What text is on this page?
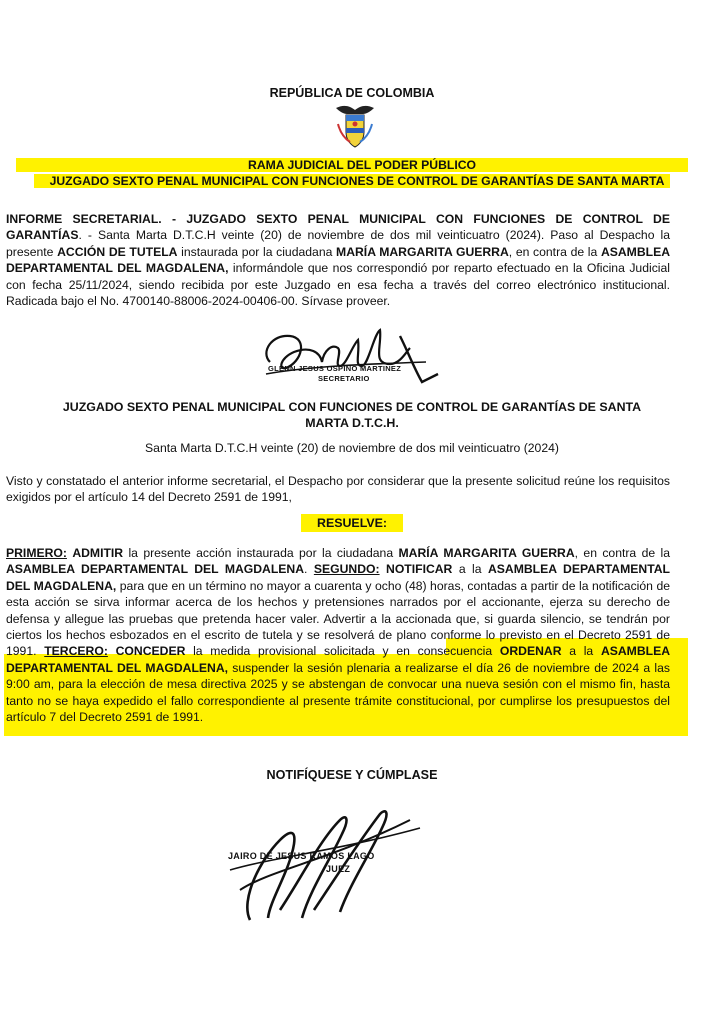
REPÚBLICA DE COLOMBIA
RAMA JUDICIAL DEL PODER PÚBLICO
JUZGADO SEXTO PENAL MUNICIPAL CON FUNCIONES DE CONTROL DE GARANTÍAS DE SANTA MARTA
INFORME SECRETARIAL. - JUZGADO SEXTO PENAL MUNICIPAL CON FUNCIONES DE CONTROL DE GARANTÍAS. - Santa Marta D.T.C.H veinte (20) de noviembre de dos mil veinticuatro (2024). Paso al Despacho la presente ACCIÓN DE TUTELA instaurada por la ciudadana MARÍA MARGARITA GUERRA, en contra de la ASAMBLEA DEPARTAMENTAL DEL MAGDALENA, informándole que nos correspondió por reparto efectuado en la Oficina Judicial con fecha 25/11/2024, siendo recibida por este Juzgado en esa fecha a través del correo electrónico institucional. Radicada bajo el No. 4700140-88006-2024-00406-00. Sírvase proveer.
GLENN JESUS OSPINO MARTINEZ
SECRETARIO
JUZGADO SEXTO PENAL MUNICIPAL CON FUNCIONES DE CONTROL DE GARANTÍAS DE SANTA
MARTA D.T.C.H.
Santa Marta D.T.C.H veinte (20) de noviembre de dos mil veinticuatro (2024)
Visto y constatado el anterior informe secretarial, el Despacho por considerar que la presente solicitud reúne los requisitos exigidos por el artículo 14 del Decreto 2591 de 1991,
RESUELVE:
PRIMERO: ADMITIR la presente acción instaurada por la ciudadana MARÍA MARGARITA GUERRA, en contra de la ASAMBLEA DEPARTAMENTAL DEL MAGDALENA. SEGUNDO: NOTIFICAR a la ASAMBLEA DEPARTAMENTAL DEL MAGDALENA, para que en un término no mayor a cuarenta y ocho (48) horas, contadas a partir de la notificación de esta acción se sirva informar acerca de los hechos y pretensiones narrados por el accionante, ejerza su derecho de defensa y allegue las pruebas que pretenda hacer valer. Advertir a la accionada que, si guarda silencio, se tendrán por ciertos los hechos esbozados en el escrito de tutela y se resolverá de plano conforme lo previsto en el Decreto 2591 de 1991. TERCERO: CONCEDER la medida provisional solicitada y en consecuencia ORDENAR a la ASAMBLEA DEPARTAMENTAL DEL MAGDALENA, suspender la sesión plenaria a realizarse el día 26 de noviembre de 2024 a las 9:00 am, para la elección de mesa directiva 2025 y se abstengan de convocar una nueva sesión con el mismo fin, hasta tanto no se haya expedido el fallo correspondiente al presente trámite constitucional, por cumplirse los presupuestos del artículo 7 del Decreto 2591 de 1991.
NOTIFÍQUESE Y CÚMPLASE
JAIRO DE JESUS RAMOS LAGO
JUEZ
